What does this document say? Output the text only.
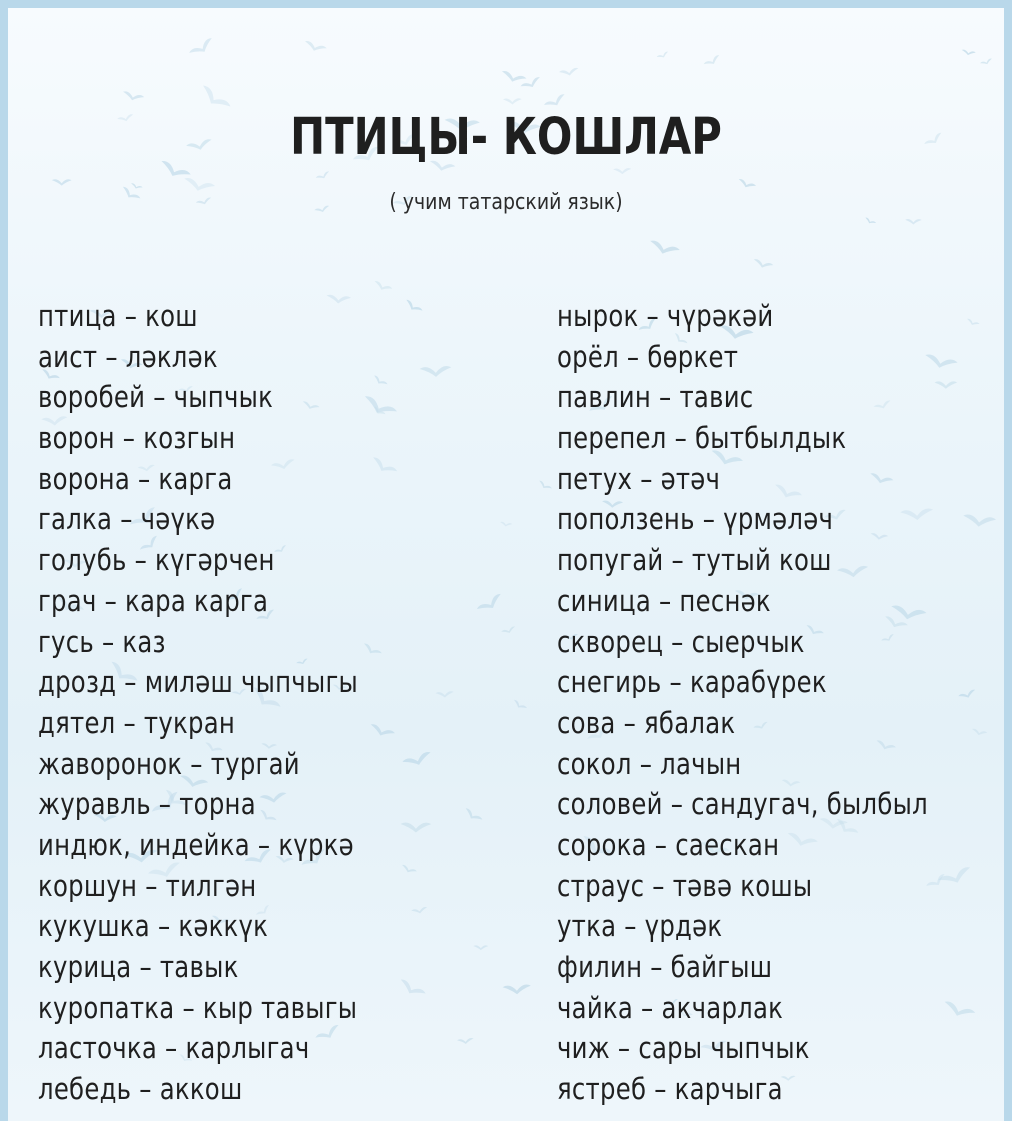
ПТИЦЫ- КОШЛАР
( учим татарский язык)
птица – кош
аист – ләкләк
воробей – чыпчык
ворон – козгын
ворона – карга
галка – чәүкә
голубь – күгәрчен
грач – кара карга
гусь – каз
дрозд – миләш чыпчыгы
дятел – тукран
жаворонок – тургай
журавль – торна
индюк, индейка – күркә
коршун – тилгән
кукушка – кәккүк
курица – тавык
куропатка – кыр тавыгы
ласточка – карлыгач
лебедь – аккош
нырок – чүрәкәй
орёл – бөркет
павлин – тавис
перепел – бытбылдык
петух – әтәч
поползень – үрмәләч
попугай – тутый кош
синица – песнәк
скворец – сыерчык
снегирь – карабүрек
сова – ябалак
сокол – лачын
соловей – сандугач, былбыл
сорока – саескан
страус – тәвә кошы
утка – үрдәк
филин – байгыш
чайка – акчарлак
чиж – сары чыпчык
ястреб – карчыга
